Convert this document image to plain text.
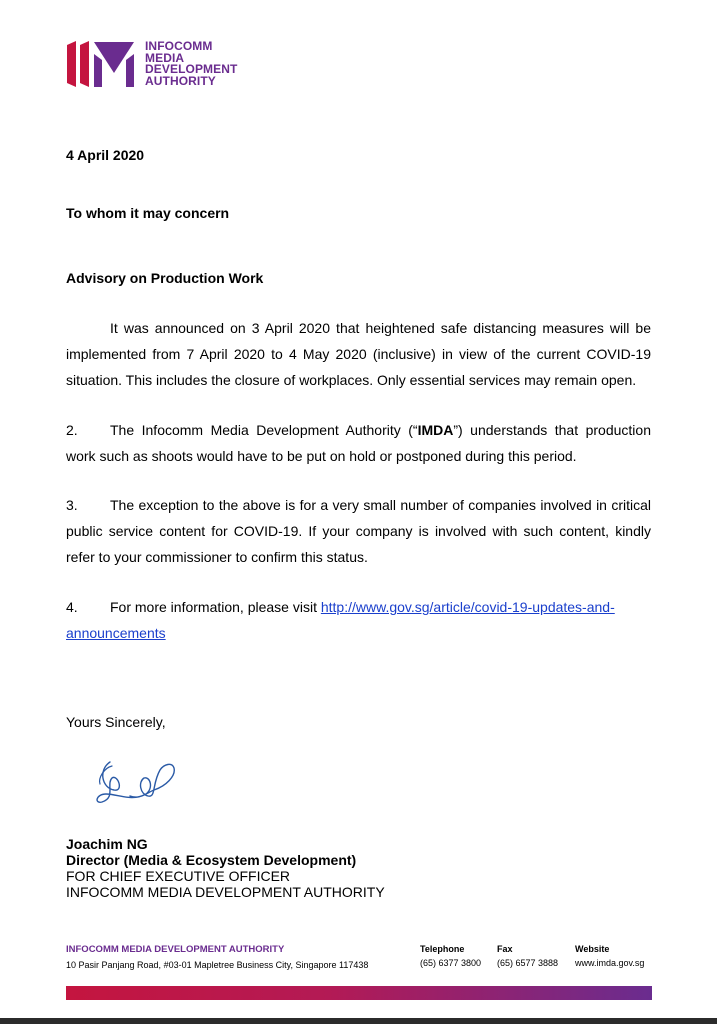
INFOCOMM
MEDIA
DEVELOPMENT
AUTHORITY

4 April 2020

To whom it may concern

Advisory on Production Work

It was announced on 3 April 2020 that heightened safe distancing measures will be implemented from 7 April 2020 to 4 May 2020 (inclusive) in view of the current COVID-19 situation. This includes the closure of workplaces. Only essential services may remain open.

2. The Infocomm Media Development Authority (“IMDA”) understands that production work such as shoots would have to be put on hold or postponed during this period.

3. The exception to the above is for a very small number of companies involved in critical public service content for COVID-19. If your company is involved with such content, kindly refer to your commissioner to confirm this status.

4. For more information, please visit http://www.gov.sg/article/covid-19-updates-and-announcements

Yours Sincerely,

Joachim NG
Director (Media & Ecosystem Development)
FOR CHIEF EXECUTIVE OFFICER
INFOCOMM MEDIA DEVELOPMENT AUTHORITY
INFOCOMM MEDIA DEVELOPMENT AUTHORITY
10 Pasir Panjang Road, #03-01 Mapletree Business City, Singapore 117438
Telephone
(65) 6377 3800
Fax
(65) 6577 3888
Website
www.imda.gov.sg
